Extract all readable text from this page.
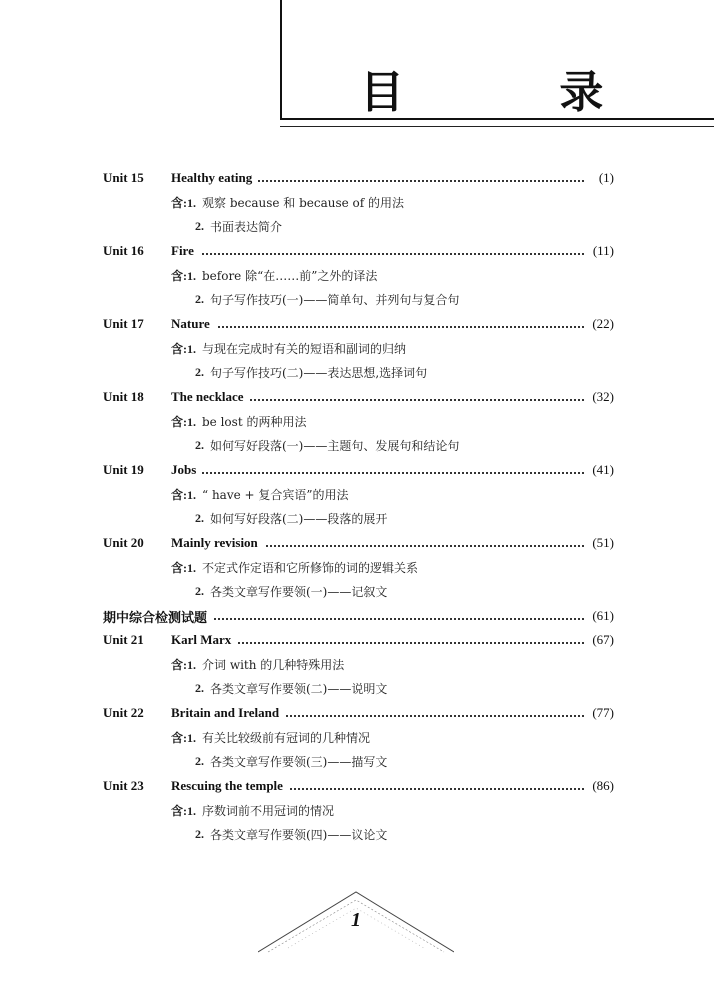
目 录
Unit 15 Healthy eating	(1)
含:1. 观察 because 和 because of 的用法
2. 书面表达简介
Unit 16 Fire	(11)
含:1. before 除“在……前”之外的译法
2. 句子写作技巧(一)——简单句、并列句与复合句
Unit 17 Nature	(22)
含:1. 与现在完成时有关的短语和副词的归纳
2. 句子写作技巧(二)——表达思想,选择词句
Unit 18 The necklace	(32)
含:1. be lost 的两种用法
2. 如何写好段落(一)——主题句、发展句和结论句
Unit 19 Jobs	(41)
含:1. “ have + 复合宾语”的用法
2. 如何写好段落(二)——段落的展开
Unit 20 Mainly revision	(51)
含:1. 不定式作定语和它所修饰的词的逻辑关系
2. 各类文章写作要领(一)——记叙文
期中综合检测试题	(61)
Unit 21 Karl Marx	(67)
含:1. 介词 with 的几种特殊用法
2. 各类文章写作要领(二)——说明文
Unit 22 Britain and Ireland	(77)
含:1. 有关比较级前有冠词的几种情况
2. 各类文章写作要领(三)——描写文
Unit 23 Rescuing the temple	(86)
含:1. 序数词前不用冠词的情况
2. 各类文章写作要领(四)——议论文
1
